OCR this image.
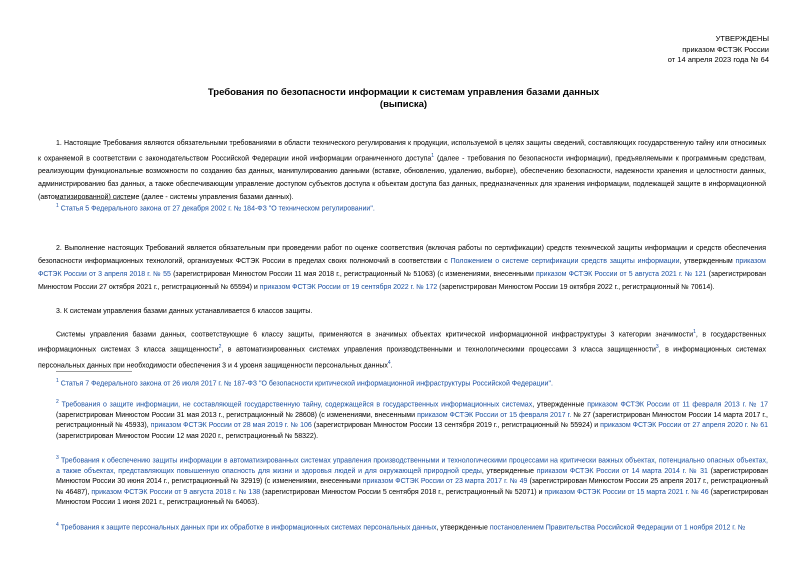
УТВЕРЖДЕНЫ
приказом ФСТЭК России
от 14 апреля 2023 года № 64
Требования по безопасности информации к системам управления базами данных
(выписка)

1. Настоящие Требования являются обязательными требованиями в области технического регулирования к продукции, используемой в целях защиты сведений, составляющих государственную тайну или относимых к охраняемой в соответствии с законодательством Российской Федерации иной информации ограниченного доступа$^1$ (далее - требования по безопасности информации), предъявляемыми к программным средствам, реализующим функциональные возможности по созданию баз данных, манипулированию данными (вставке, обновлению, удалению, выборке), обеспечению безопасности, надежности хранения и целостности данных, администрированию баз данных, а также обеспечивающим управление доступом субъектов доступа к объектам доступа баз данных, предназначенных для хранения информации, подлежащей защите в информационной (автоматизированной) системе (далее - системы управления базами данных).

$^1$ Статья 5 Федерального закона от 27 декабря 2002 г. № 184-ФЗ "О техническом регулировании".

2. Выполнение настоящих Требований является обязательным при проведении работ по оценке соответствия (включая работы по сертификации) средств технической защиты информации и средств обеспечения безопасности информационных технологий, организуемых ФСТЭК России в пределах своих полномочий в соответствии с Положением о системе сертификации средств защиты информации, утвержденным приказом ФСТЭК России от 3 апреля 2018 г. № 55 (зарегистрирован Минюстом России 11 мая 2018 г., регистрационный № 51063) (с изменениями, внесенными приказом ФСТЭК России от 5 августа 2021 г. № 121 (зарегистрирован Минюстом России 27 октября 2021 г., регистрационный № 65594) и приказом ФСТЭК России от 19 сентября 2022 г. № 172 (зарегистрирован Минюстом России 19 октября 2022 г., регистрационный № 70614).

3. К системам управления базами данных устанавливается 6 классов защиты.

Системы управления базами данных, соответствующие 6 классу защиты, применяются в значимых объектах критической информационной инфраструктуры 3 категории значимости$^1$, в государственных информационных системах 3 класса защищенности$^2$, в автоматизированных системах управления производственными и технологическими процессами 3 класса защищенности$^3$, в информационных системах персональных данных при необходимости обеспечения 3 и 4 уровня защищенности персональных данных$^4$.

$^1$ Статья 7 Федерального закона от 26 июля 2017 г. № 187-ФЗ "О безопасности критической информационной инфраструктуры Российской Федерации".

$^2$ Требования о защите информации, не составляющей государственную тайну, содержащейся в государственных информационных системах, утвержденные приказом ФСТЭК России от 11 февраля 2013 г. № 17 (зарегистрирован Минюстом России 31 мая 2013 г., регистрационный № 28608) (с изменениями, внесенными приказом ФСТЭК России от 15 февраля 2017 г. № 27 (зарегистрирован Минюстом России 14 марта 2017 г., регистрационный № 45933), приказом ФСТЭК России от 28 мая 2019 г. № 106 (зарегистрирован Минюстом России 13 сентября 2019 г., регистрационный № 55924) и приказом ФСТЭК России от 27 апреля 2020 г. № 61 (зарегистрирован Минюстом России 12 мая 2020 г., регистрационный № 58322).

$^3$ Требования к обеспечению защиты информации в автоматизированных системах управления производственными и технологическими процессами на критически важных объектах, потенциально опасных объектах, а также объектах, представляющих повышенную опасность для жизни и здоровья людей и для окружающей природной среды, утвержденные приказом ФСТЭК России от 14 марта 2014 г. № 31 (зарегистрирован Минюстом России 30 июня 2014 г., регистрационный № 32919) (с изменениями, внесенными приказом ФСТЭК России от 23 марта 2017 г. № 49 (зарегистрирован Минюстом России 25 апреля 2017 г., регистрационный № 46487), приказом ФСТЭК России от 9 августа 2018 г. № 138 (зарегистрирован Минюстом России 5 сентября 2018 г., регистрационный № 52071) и приказом ФСТЭК России от 15 марта 2021 г. № 46 (зарегистрирован Минюстом России 1 июня 2021 г., регистрационный № 64063).

$^4$ Требования к защите персональных данных при их обработке в информационных системах персональных данных, утвержденные постановлением Правительства Российской Федерации от 1 ноября 2012 г. №
